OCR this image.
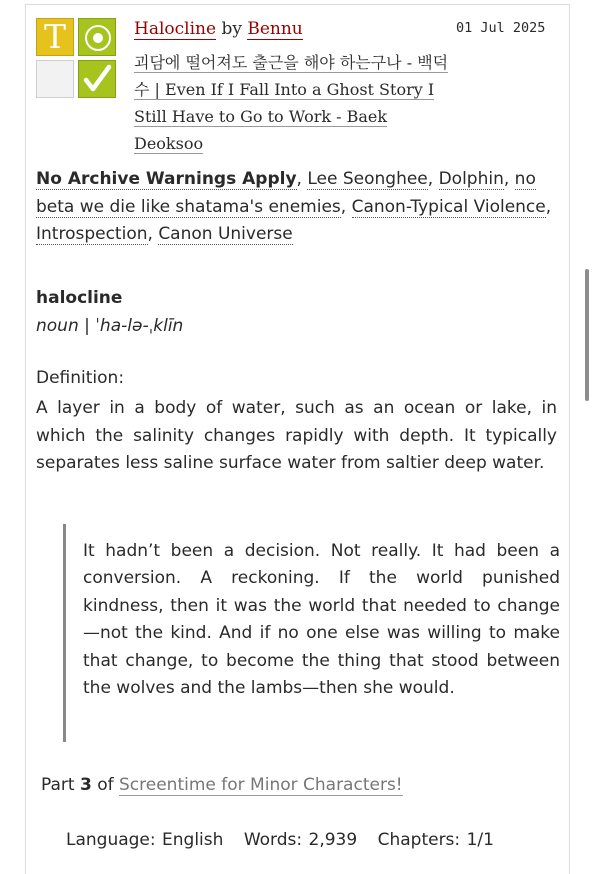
T	Halocline by Bennu	01 Jul 2025
괴담에 떨어져도 출근을 해야 하는구나 - 백덕수 | Even If I Fall Into a Ghost Story I Still Have to Go to Work - Baek Deoksoo
No Archive Warnings Apply, Lee Seonghee, Dolphin, no beta we die like shatama's enemies, Canon-Typical Violence, Introspection, Canon Universe
halocline
noun | ˈha-lə-ˌklīn
Definition:
A layer in a body of water, such as an ocean or lake, in which the salinity changes rapidly with depth. It typically separates less saline surface water from saltier deep water.
It hadn’t been a decision. Not really. It had been a conversion. A reckoning. If the world punished kindness, then it was the world that needed to change—not the kind. And if no one else was willing to make that change, to become the thing that stood between the wolves and the lambs—then she would.
Part 3 of Screentime for Minor Characters!
Language: English Words: 2,939 Chapters: 1/1
